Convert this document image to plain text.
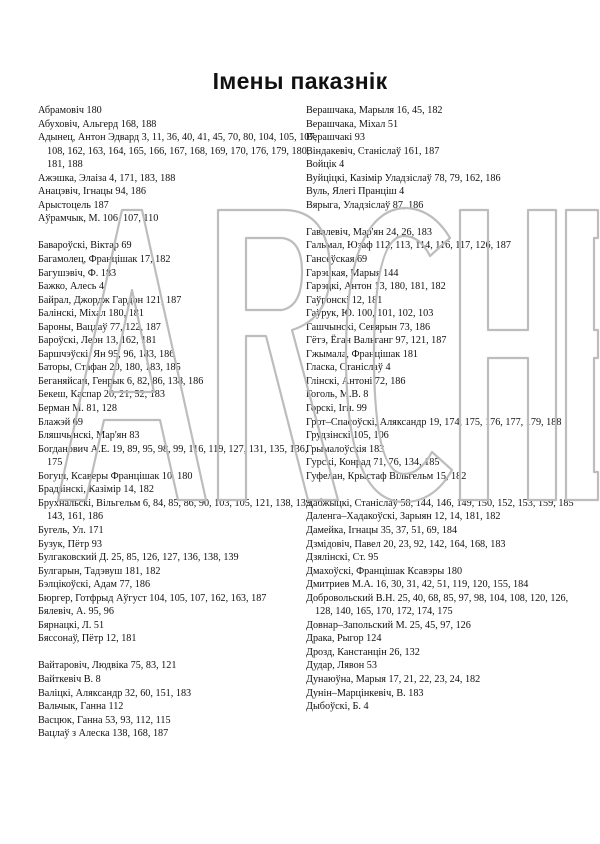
Імены паказнік
Абрамовіч 180
Абуховіч, Альгерд 168, 188
Адынец, Антон Эдвард 3, 11, 36, 40, 41, 45, 70, 80, 104, 105, 107, 108, 162, 163, 164, 165, 166, 167, 168, 169, 170, 176, 179, 180, 181, 188
Ажэшка, Элаіза 4, 171, 183, 188
Анацэвіч, Ігнацы 94, 186
Арыстоцель 187
Аўрамчык, М. 106, 107, 110
Бавароўскі, Віктар 69
Багамолец, Францішак 17, 182
Багушэвіч, Ф. 183
Бажко, Алесь 4
Байрал, Джордж Гардон 121, 187
Балінскі, Міхал 180, 181
Бароны, Вацлаў 77, 122, 187
Бароўскі, Леон 13, 162, 181
Баршчэўскі, Ян 95, 96, 183, 186
Баторы, Стафан 20, 180, 183, 185
Беганяйсан, Генрык 6, 82, 86, 138, 186
Бекеш, Каспар 20, 21, 52, 183
Берман М. 81, 128
Блажэй 69
Бляшчынскі, Мар'ян 83
Богданович А.Е. 19, 89, 95, 98, 99, 116, 119, 127, 131, 135, 136, 175
Богуш, Ксаверы Францішак 10, 180
Брадзінскі, Казімір 14, 182
Брухнальскі, Вільгельм 6, 84, 85, 86, 90, 103, 105, 121, 138, 139, 143, 161, 186
Бугель, Ул. 171
Бузук, Пётр 93
Булгаковский Д. 25, 85, 126, 127, 136, 138, 139
Булгарын, Тадэвуш 181, 182
Бэлцікоўскі, Адам 77, 186
Бюргер, Готфрыд Аўгуст 104, 105, 107, 162, 163, 187
Бялевіч, А. 95, 96
Бярнацкі, Л. 51
Бяссонаў, Пётр 12, 181
Вайтаровіч, Людвіка 75, 83, 121
Вайткевіч В. 8
Валіцкі, Аляксандр 32, 60, 151, 183
Вальчык, Ганна 112
Васцюк, Ганна 53, 93, 112, 115
Вацлаў з Алеска 138, 168, 187
Верашчака, Марыля 16, 45, 182
Верашчака, Міхал 51
Верашчакі 93
Віндакевіч, Станіслаў 161, 187
Войцік 4
Вуйціцкі, Казімір Уладзіслаў 78, 79, 162, 186
Вуль, Ялегі Пранціш 4
Вярыга, Уладзіслаў 87, 186
Гавалевіч, Мар'ян 24, 26, 183
Гальмал, Юзаф 112, 113, 114, 116, 117, 126, 187
Гансеўская 69
Гарэцкая, Марыя 144
Гарэцкі, Антон 13, 180, 181, 182
Гаўронскі 12, 181
Гаўрук, Ю. 100, 101, 102, 103
Гашчынскі, Севярын 73, 186
Гётэ, Ёган Вальганг 97, 121, 187
Гжымала, Францішак 181
Гласка, Станіслаў 4
Глінскі, Антоні 72, 186
Гоголь, М.В. 8
Горскі, Ігн. 99
Грот–Спасоўскі, Аляксандр 19, 174, 175, 176, 177, 179, 188
Грудзінскі 105, 106
Грымалоўскія 183
Гурскі, Конрад 71, 76, 134, 185
Гуфелан, Крыстаф Вільгельм 15, 182
Дабжыцкі, Станіслаў 58, 144, 146, 149, 150, 152, 153, 159, 185
Даленга–Хадакоўскі, Зарыян 12, 14, 181, 182
Дамейка, Ігнацы 35, 37, 51, 69, 184
Дзмідовіч, Павел 20, 23, 92, 142, 164, 168, 183
Дзялінскі, Ст. 95
Дмахоўскі, Францішак Ксавэры 180
Дмитриев М.А. 16, 30, 31, 42, 51, 119, 120, 155, 184
Добровольский В.Н. 25, 40, 68, 85, 97, 98, 104, 108, 120, 126, 128, 140, 165, 170, 172, 174, 175
Довнар–Запольский М. 25, 45, 97, 126
Драка, Рыгор 124
Дрозд, Канстанцін 26, 132
Дудар, Лявон 53
Дунаюўна, Марыя 17, 21, 22, 23, 24, 182
Дунін–Марцінкевіч, В. 183
Дыбоўскі, Б. 4
